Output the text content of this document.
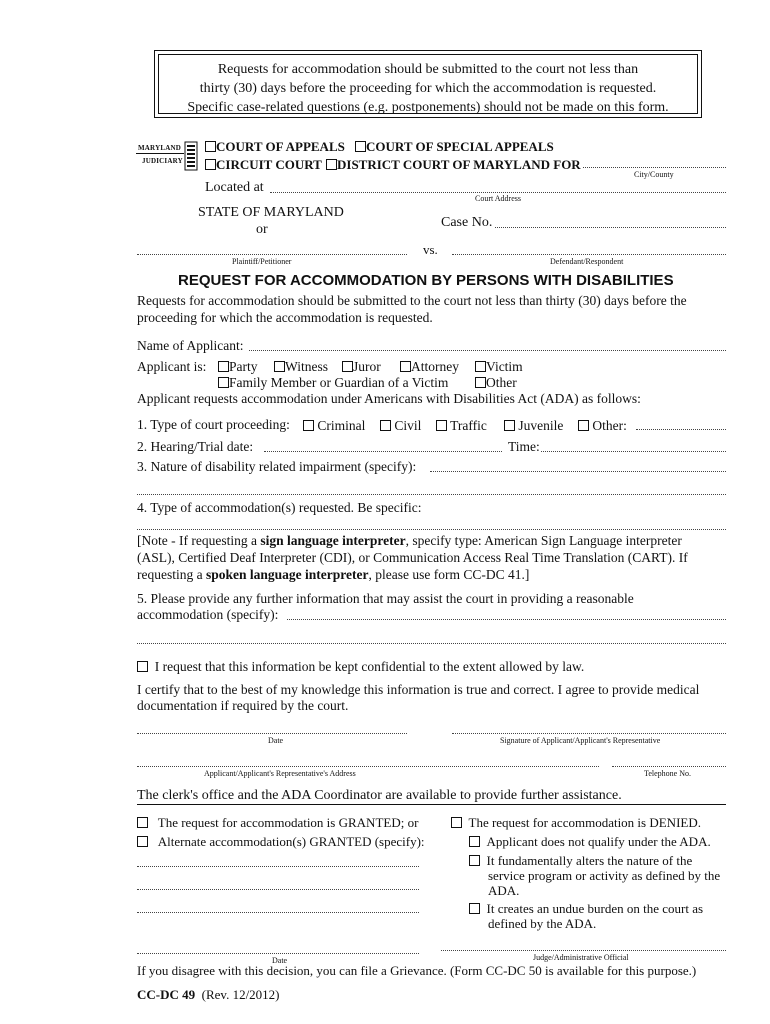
Requests for accommodation should be submitted to the court not less than
thirty (30) days before the proceeding for which the accommodation is requested.
Specific case-related questions (e.g. postponements) should not be made on this form.
MARYLAND
JUDICIARY
COURT OF APPEALS	COURT OF SPECIAL APPEALS
CIRCUIT COURT	DISTRICT COURT OF MARYLAND FOR
City/County
Located at
Court Address
STATE OF MARYLAND
or	Case No.
vs.
Plaintiff/Petitioner	Defendant/Respondent
REQUEST FOR ACCOMMODATION BY PERSONS WITH DISABILITIES
Requests for accommodation should be submitted to the court not less than thirty (30) days before the
proceeding for which the accommodation is requested.
Name of Applicant:
Applicant is:	Party	Witness	Juror	Attorney	Victim
Family Member or Guardian of a Victim	Other
Applicant requests accommodation under Americans with Disabilities Act (ADA) as follows:
1. Type of court proceeding:	Criminal	Civil	Traffic	Juvenile	Other:
2. Hearing/Trial date:	Time:
3. Nature of disability related impairment (specify):
4. Type of accommodation(s) requested. Be specific:
[Note - If requesting a sign language interpreter, specify type: American Sign Language interpreter
(ASL), Certified Deaf Interpreter (CDI), or Communication Access Real Time Translation (CART). If
requesting a spoken language interpreter, please use form CC-DC 41.]
5. Please provide any further information that may assist the court in providing a reasonable
accommodation (specify):
I request that this information be kept confidential to the extent allowed by law.
I certify that to the best of my knowledge this information is true and correct. I agree to provide medical
documentation if required by the court.
Date	Signature of Applicant/Applicant's Representative
Applicant/Applicant's Representative's Address	Telephone No.
The clerk's office and the ADA Coordinator are available to provide further assistance.
The request for accommodation is GRANTED; or
Alternate accommodation(s) GRANTED (specify):
The request for accommodation is DENIED.
Applicant does not qualify under the ADA.
It fundamentally alters the nature of the
service program or activity as defined by the
ADA.
It creates an undue burden on the court as
defined by the ADA.
Date	Judge/Administrative Official
If you disagree with this decision, you can file a Grievance. (Form CC-DC 50 is available for this purpose.)
CC-DC 49 (Rev. 12/2012)
